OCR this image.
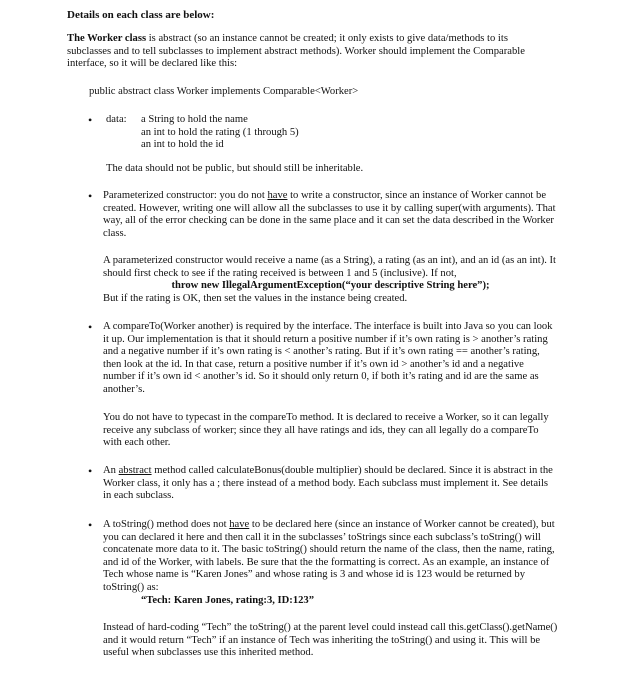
Details on each class are below:

The Worker class is abstract (so an instance cannot be created; it only exists to give data/methods to its subclasses and to tell subclasses to implement abstract methods). Worker should implement the Comparable interface, so it will be declared like this:

public abstract class Worker implements Comparable<Worker>
• data: a String to hold the name
an int to hold the rating (1 through 5)
an int to hold the id
The data should not be public, but should still be inheritable.
• Parameterized constructor: you do not have to write a constructor, since an instance of Worker cannot be created. However, writing one will allow all the subclasses to use it by calling super(with arguments). That way, all of the error checking can be done in the same place and it can set the data described in the Worker class.

A parameterized constructor would receive a name (as a String), a rating (as an int), and an id (as an int). It should first check to see if the rating received is between 1 and 5 (inclusive). If not,
throw new IllegalArgumentException(“your descriptive String here”);
But if the rating is OK, then set the values in the instance being created.
• A compareTo(Worker another) is required by the interface. The interface is built into Java so you can look it up. Our implementation is that it should return a positive number if it’s own rating is > another’s rating and a negative number if it’s own rating is < another’s rating. But if it’s own rating == another’s rating, then look at the id. In that case, return a positive number if it’s own id > another’s id and a negative number if it’s own id < another’s id. So it should only return 0, if both it’s rating and id are the same as another’s.

You do not have to typecast in the compareTo method. It is declared to receive a Worker, so it can legally receive any subclass of worker; since they all have ratings and ids, they can all legally do a compareTo with each other.

• An abstract method called calculateBonus(double multiplier) should be declared. Since it is abstract in the Worker class, it only has a ; there instead of a method body. Each subclass must implement it. See details in each subclass.

• A toString() method does not have to be declared here (since an instance of Worker cannot be created), but you can declared it here and then call it in the subclasses’ toStrings since each subclass’s toString() will concatenate more data to it. The basic toString() should return the name of the class, then the name, rating, and id of the Worker, with labels. Be sure that the the formatting is correct. As an example, an instance of Tech whose name is “Karen Jones” and whose rating is 3 and whose id is 123 would be returned by toString() as:
“Tech: Karen Jones, rating:3, ID:123”

Instead of hard-coding “Tech” the toString() at the parent level could instead call this.getClass().getName() and it would return “Tech” if an instance of Tech was inheriting the toString() and using it. This will be useful when subclasses use this inherited method.
